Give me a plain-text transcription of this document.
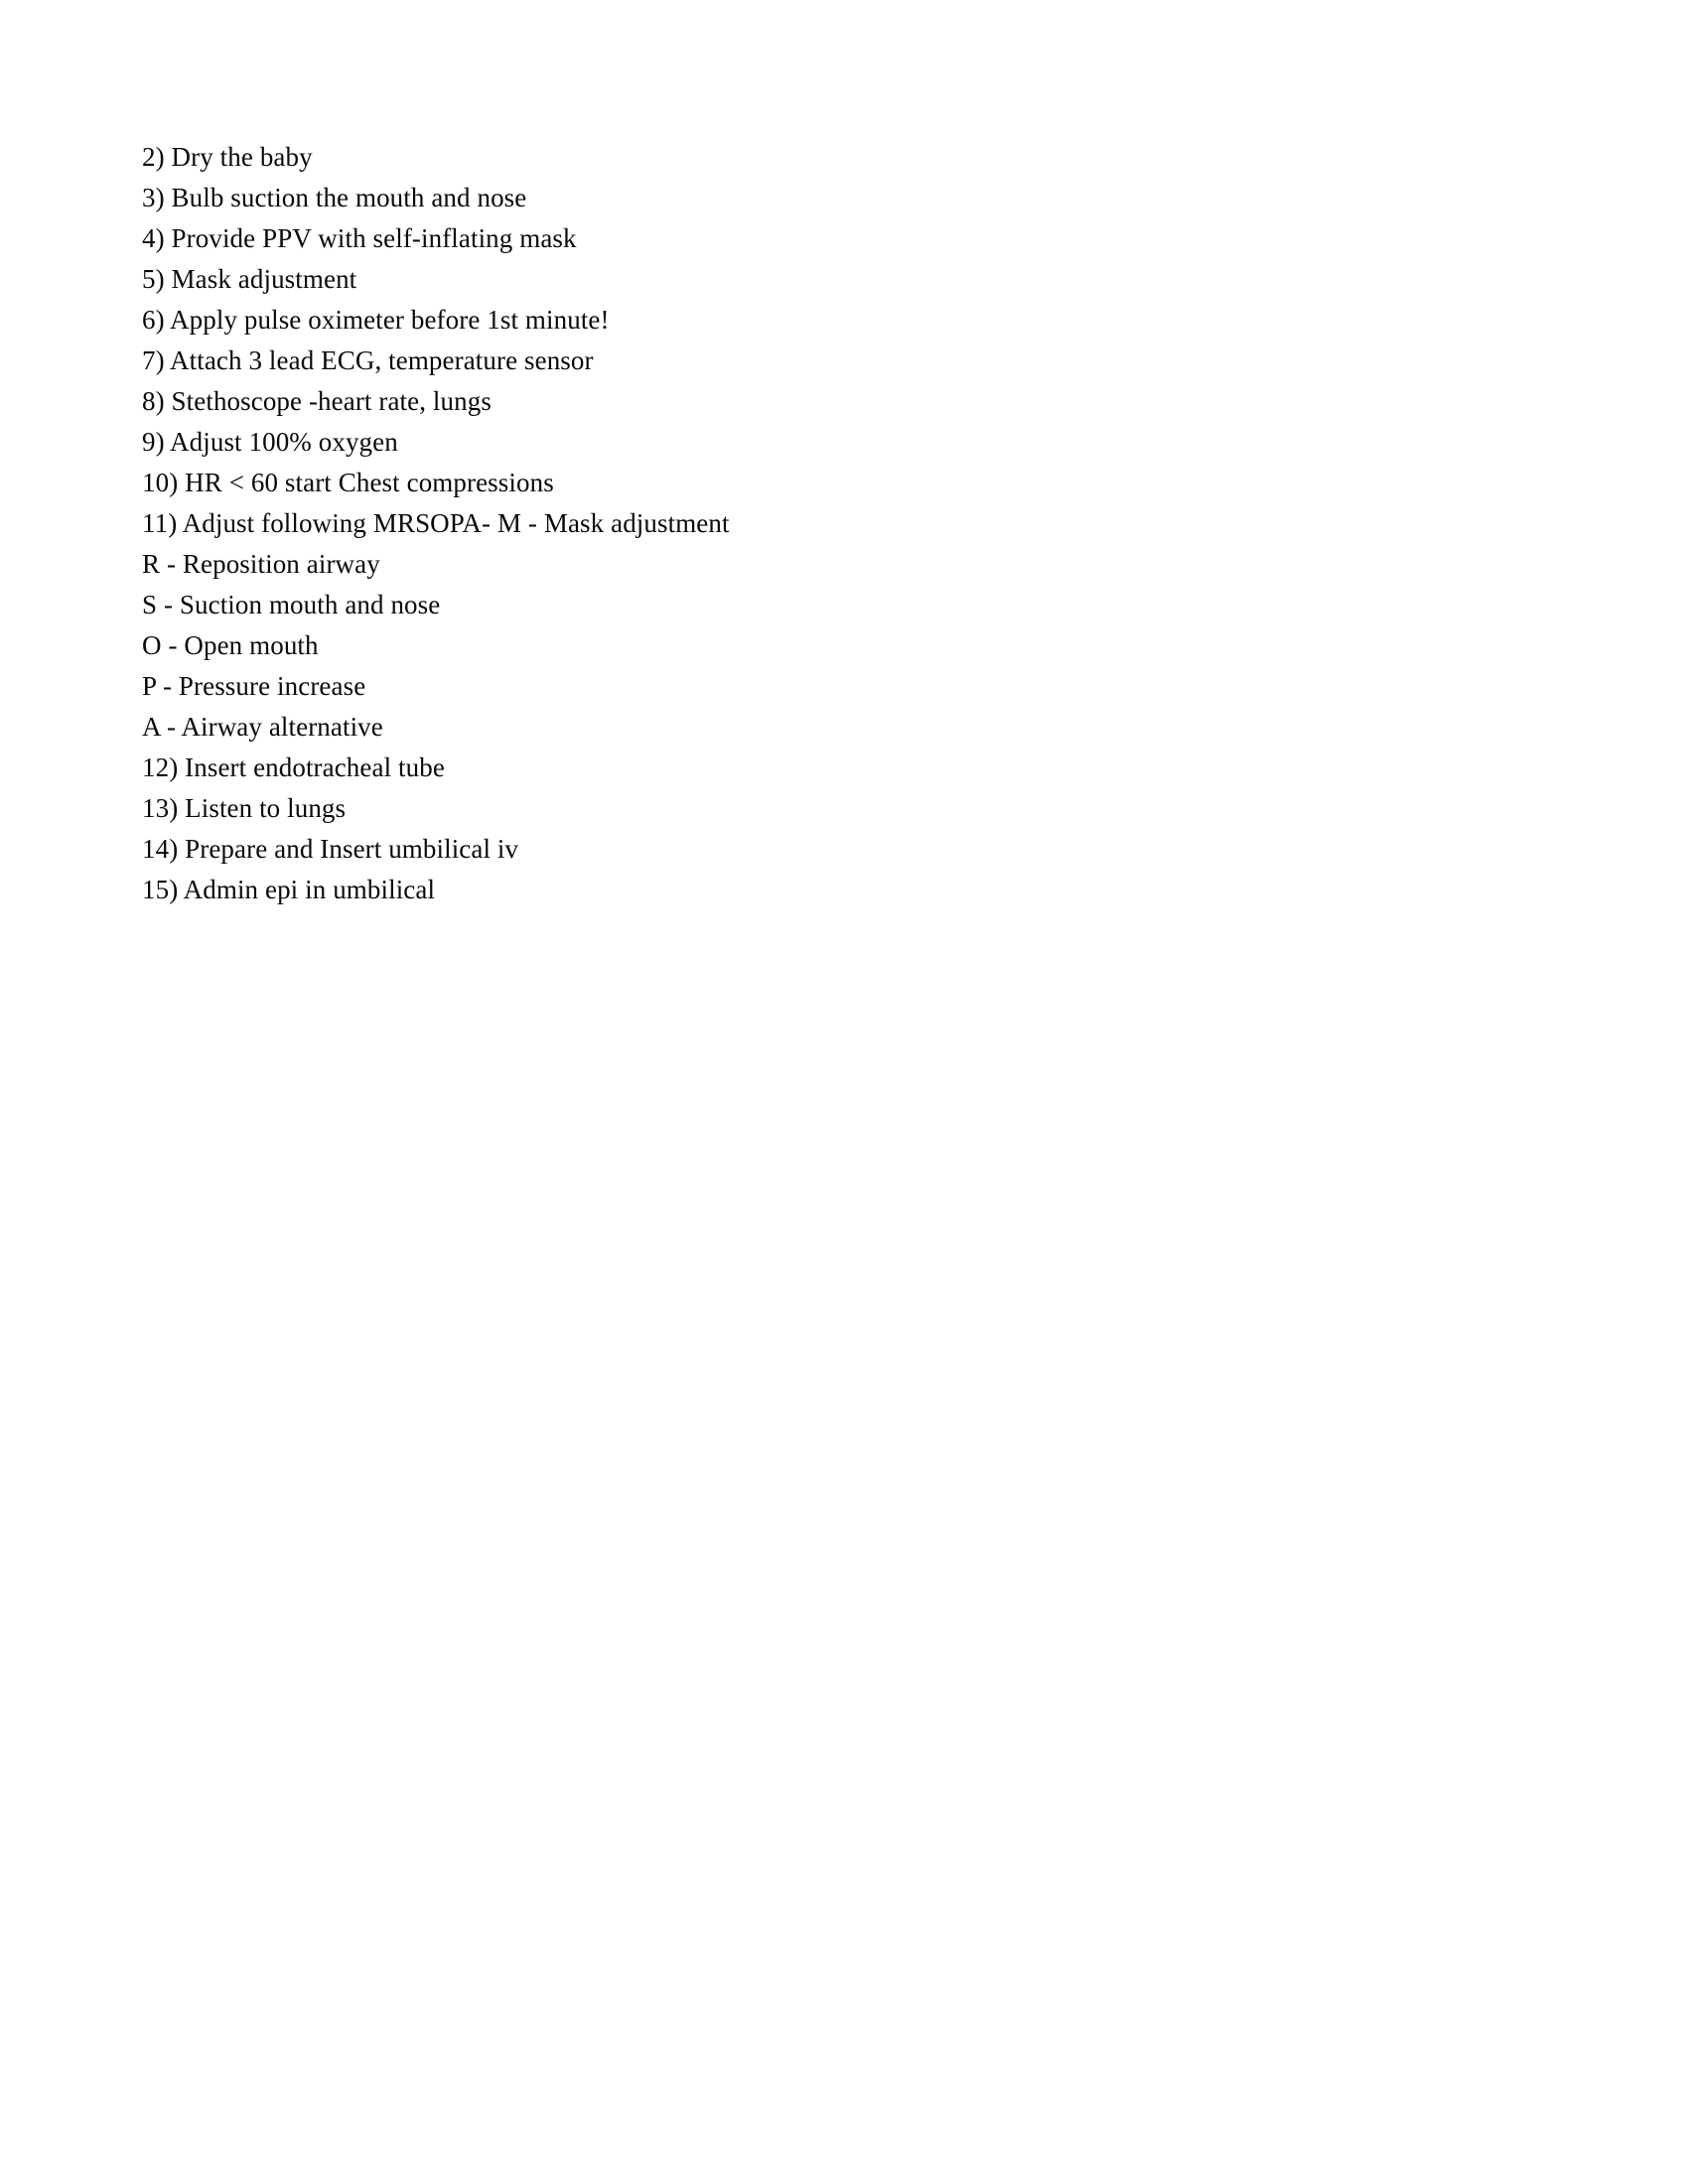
2) Dry the baby

3) Bulb suction the mouth and nose

4) Provide PPV with self-inflating mask

5) Mask adjustment

6) Apply pulse oximeter before 1st minute!

7) Attach 3 lead ECG, temperature sensor

8) Stethoscope -heart rate, lungs

9) Adjust 100% oxygen

10) HR < 60 start Chest compressions

11) Adjust following MRSOPA- M - Mask adjustment

R - Reposition airway

S - Suction mouth and nose

O - Open mouth

P - Pressure increase

A - Airway alternative

12) Insert endotracheal tube

13) Listen to lungs

14) Prepare and Insert umbilical iv

15) Admin epi in umbilical
